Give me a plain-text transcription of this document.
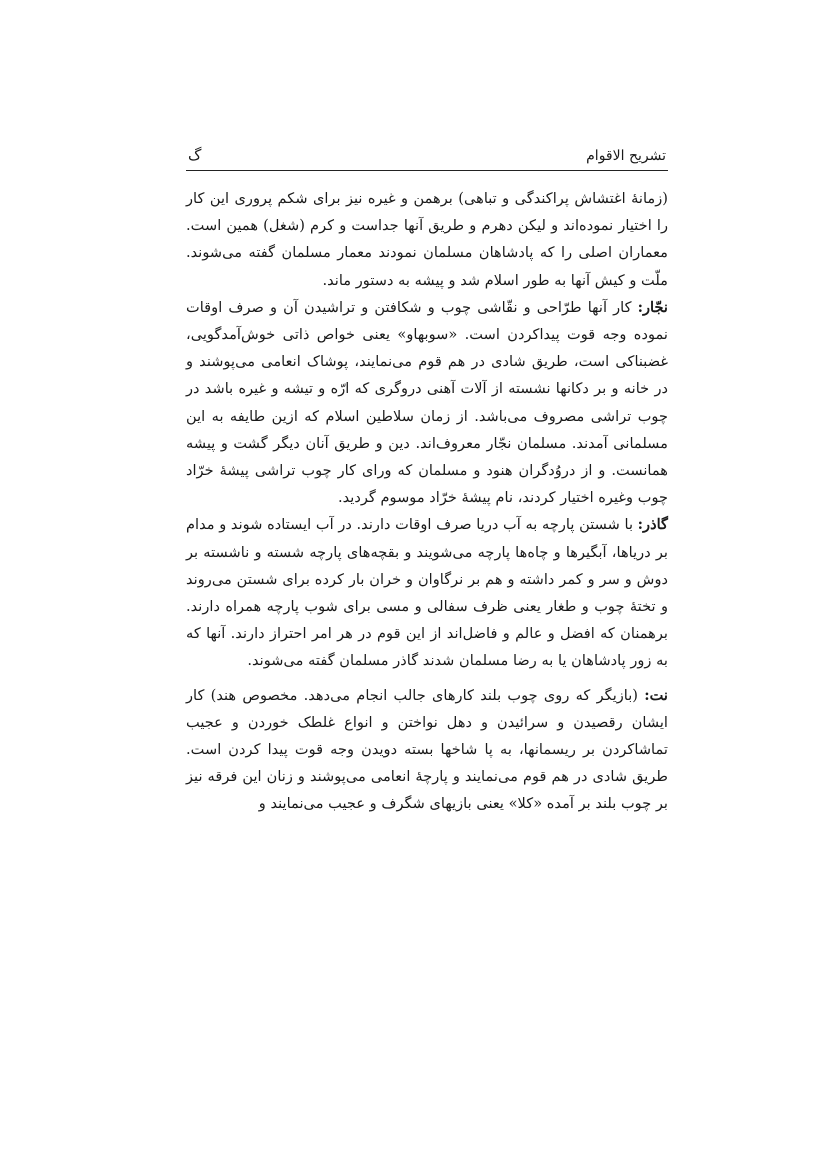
گ	تشریح الاقوام

(زمانهٔ اغتشاش پراکندگی و تباهی) برهمن و غیره نیز برای شکم پروری این کار را اختیار نموده‌اند و لیکن دهرم و طریق آنها جداست و کرم (شغل) همین است. معماران اصلی را که پادشاهان مسلمان نمودند معمار مسلمان گفته می‌شوند. ملّت و کیش آنها به طور اسلام شد و پیشه به دستور ماند.

نجّار: کار آنها طرّاحی و نقّاشی چوب و شکافتن و تراشیدن آن و صرف اوقات نموده وجه قوت پیداکردن است. «سوبهاو» یعنی خواص ذاتی خوش‌آمدگویی، غضبناکی است، طریق شادی در هم قوم می‌نمایند، پوشاک انعامی می‌پوشند و در خانه و بر دکانها نشسته از آلات آهنی دروگری که ارّه و تیشه و غیره باشد در چوب تراشی مصروف می‌باشد. از زمان سلاطین اسلام که ازین طایفه به این مسلمانی آمدند. مسلمان نجّار معروف‌اند. دین و طریق آنان دیگر گشت و پیشه همانست. و از دروُدگران هنود و مسلمان که ورای کار چوب تراشی پیشهٔ خرّاد چوب وغیره اختیار کردند، نام پیشهٔ خرّاد موسوم گردید.

گاذر: با شستن پارچه به آب دریا صرف اوقات دارند. در آب ایستاده شوند و مدام بر دریاها، آبگیرها و چاه‌ها پارچه می‌شویند و بقچه‌های پارچه شسته و ناشسته بر دوش و سر و کمر داشته و هم بر نرگاوان و خران بار کرده برای شستن می‌روند و تختهٔ چوب و طغار یعنی ظرف سفالی و مسی برای شوب پارچه همراه دارند. برهمنان که افضل و عالم و فاضل‌اند از این قوم در هر امر احتراز دارند. آنها که به زور پادشاهان یا به رضا مسلمان شدند گاذر مسلمان گفته می‌شوند.

نت: (بازیگر که روی چوب بلند کارهای جالب انجام می‌دهد. مخصوص هند) کار ایشان رقصیدن و سرائیدن و دهل نواختن و انواع غلطک خوردن و عجیب تماشاکردن بر ریسمانها، به پا شاخها بسته دویدن وجه قوت پیدا کردن است. طریق شادی در هم قوم می‌نمایند و پارچهٔ انعامی می‌پوشند و زنان این فرقه نیز بر چوب بلند بر آمده «کلا» یعنی بازیهای شگرف و عجیب می‌نمایند و
